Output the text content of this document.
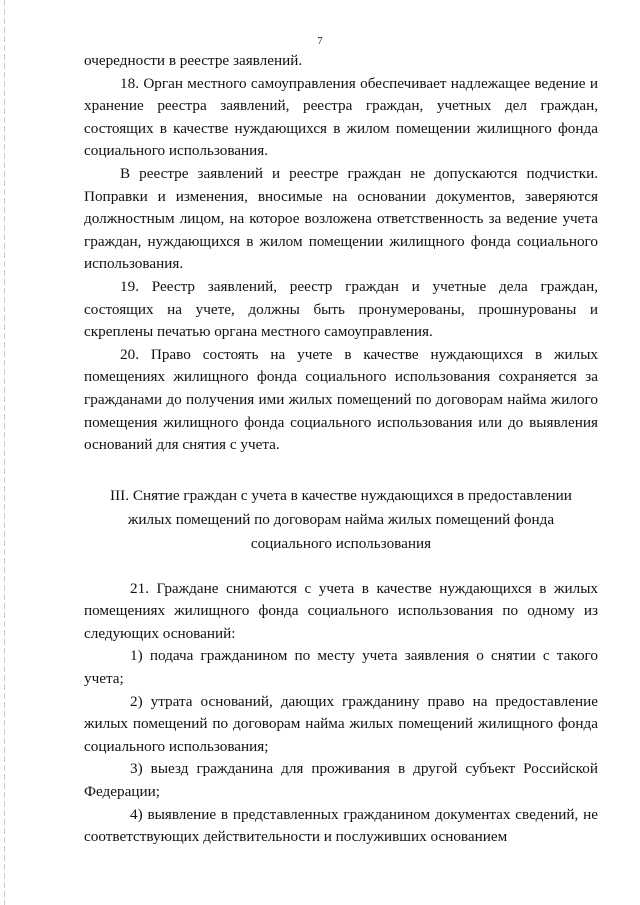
7

очередности в реестре заявлений.

18. Орган местного самоуправления обеспечивает надлежащее ведение и хранение реестра заявлений, реестра граждан, учетных дел граждан, состоящих в качестве нуждающихся в жилом помещении жилищного фонда социального использования.

В реестре заявлений и реестре граждан не допускаются подчистки. Поправки и изменения, вносимые на основании документов, заверяются должностным лицом, на которое возложена ответственность за ведение учета граждан, нуждающихся в жилом помещении жилищного фонда социального использования.

19. Реестр заявлений, реестр граждан и учетные дела граждан, состоящих на учете, должны быть пронумерованы, прошнурованы и скреплены печатью органа местного самоуправления.

20. Право состоять на учете в качестве нуждающихся в жилых помещениях жилищного фонда социального использования сохраняется за гражданами до получения ими жилых помещений по договорам найма жилого помещения жилищного фонда социального использования или до выявления оснований для снятия с учета.

III. Снятие граждан с учета в качестве нуждающихся в предоставлении
жилых помещений по договорам найма жилых помещений фонда
социального использования

21. Граждане снимаются с учета в качестве нуждающихся в жилых помещениях жилищного фонда социального использования по одному из следующих оснований:

1) подача гражданином по месту учета заявления о снятии с такого учета;

2) утрата оснований, дающих гражданину право на предоставление жилых помещений по договорам найма жилых помещений жилищного фонда социального использования;

3) выезд гражданина для проживания в другой субъект Российской Федерации;

4) выявление в представленных гражданином документах сведений, не соответствующих действительности и послуживших основанием
